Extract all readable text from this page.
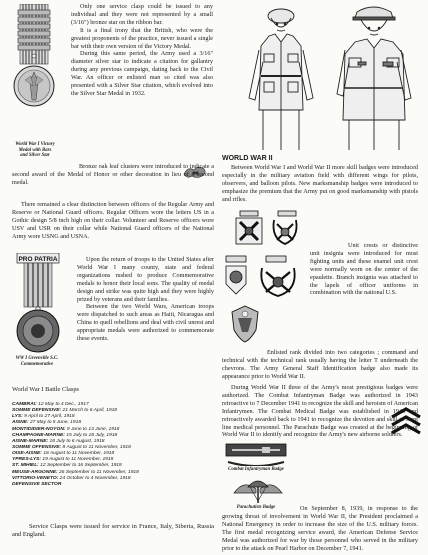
World War I Victory
Medal with Bars
and Silver Star

Only one service clasp could be issued to any individual and they were not represented by a small (3/16") bronze star on the ribbon bar.

It is a final irony that the British, who were the greatest proponents of the practice, never issued a single bar with their own version of the Victory Medal.

During this same period, the Army used a 3/16" diameter silver star to indicate a citation for gallantry during any previous campaign, dating back to the Civil War. An officer or enlisted man so cited was also presented with a Silver Star citation, which evolved into the Silver Star Medal in 1932.

Bronze oak leaf clusters were introduced to indicate a second award of the Medal of Honor or other decoration in lieu of a second medal.

There remained a clear distinction between officers of the Regular Army and Reserve or National Guard officers. Regular Officers wore the letters US in a Gothic design 5/8 inch high on their collar. Volunteer and Reserve officers wore USV and USR on their collar while National Guard officers of the National Army wore USNG and USNA.

PRO PATRIA
WW I Greenville S.C.
Commemorative

Upon the return of troops to the United States after World War I many county, state and federal organizations rushed to produce Commemorative medals to honor their local sons. The quality of medal design and strike was quite high and they were highly prized by veterans and their families.

Between the two World Wars, American troops were dispatched to such areas as Haiti, Nicaragua and China to quell rebellions and deal with civil unrest and appropriate medals were authorized to commemorate these events.

World War I Battle Clasps
CAMBRAI: 12 May to 4 Dec., 1917
SOMME DEFENSIVE: 21 March to 6 April, 1918
LYS: 9 April to 27 April, 1918
AISNE: 27 May to 5 June, 1918
MONTIDIDIER-NOYON: 9 June to 13 June, 1918
CHAMPAGNE-MARNE: 15 July to 18 July, 1918
AISNE-MARNE: 18 July to 6 August, 1918
SOMME OFFENSIVE: 8 August to 11 November, 1918
OISE-AISNE: 18 August to 11 November, 1918
YPRES-LYS: 19 August to 11 November, 1918
ST. MIHIEL: 12 September to 16 September, 1918
MEUSE-ARGONNE: 26 September to 11 November, 1918
VITTORIO-VENETO: 24 October to 4 November, 1918
DEFENSIVE SECTOR

Service Clasps were issued for service in France, Italy, Siberia, Russia and England.

WORLD WAR II

Between World War I and World War II more skill badges were introduced especially in the military aviation field with different wings for pilots, observers, and balloon pilots. New marksmanship badges were introduced to emphasize the premium that the Army put on good marksmanship with pistols and rifles.

Unit crests or distinctive unit insignia were introduced for most fighting units and these enamel unit crest were normally worn on the center of the epaulette. Branch insignia was attached to the lapels of officer uniforms in combination with the national U.S.

Enlisted rank divided into two categories ; command and technical with the technical rank usually having the letter T underneath the chevrons. The Army General Staff Identification badge also made its appearance prior to World War II.

During World War II three of the Army's most prestigious badges were authorized. The Combat Infantryman Badge was authorized in 1943 retroactive to 7 December 1941 to recognize the skill and heroism of American Infantrymen. The Combat Medical Badge was established in 1945 and retroactively awarded back to 1941 to recognize the devotion and skill of front line medical personnel. The Parachute Badge was created at the beginning of World War II to identify and recognize the Army's new airborne soldiers.

Combat Infantryman Badge
Parachutists Badge	On September 8, 1939, in response to the growing threat of involvement in World War II, the President proclaimed a National Emergency in order to increase the size of the U.S. military forces. The first medal recognizing service award, the American Defense Service Medal was authorized for war by those personnel who served in the military prior to the attack on Pearl Harbor on December 7, 1941.
